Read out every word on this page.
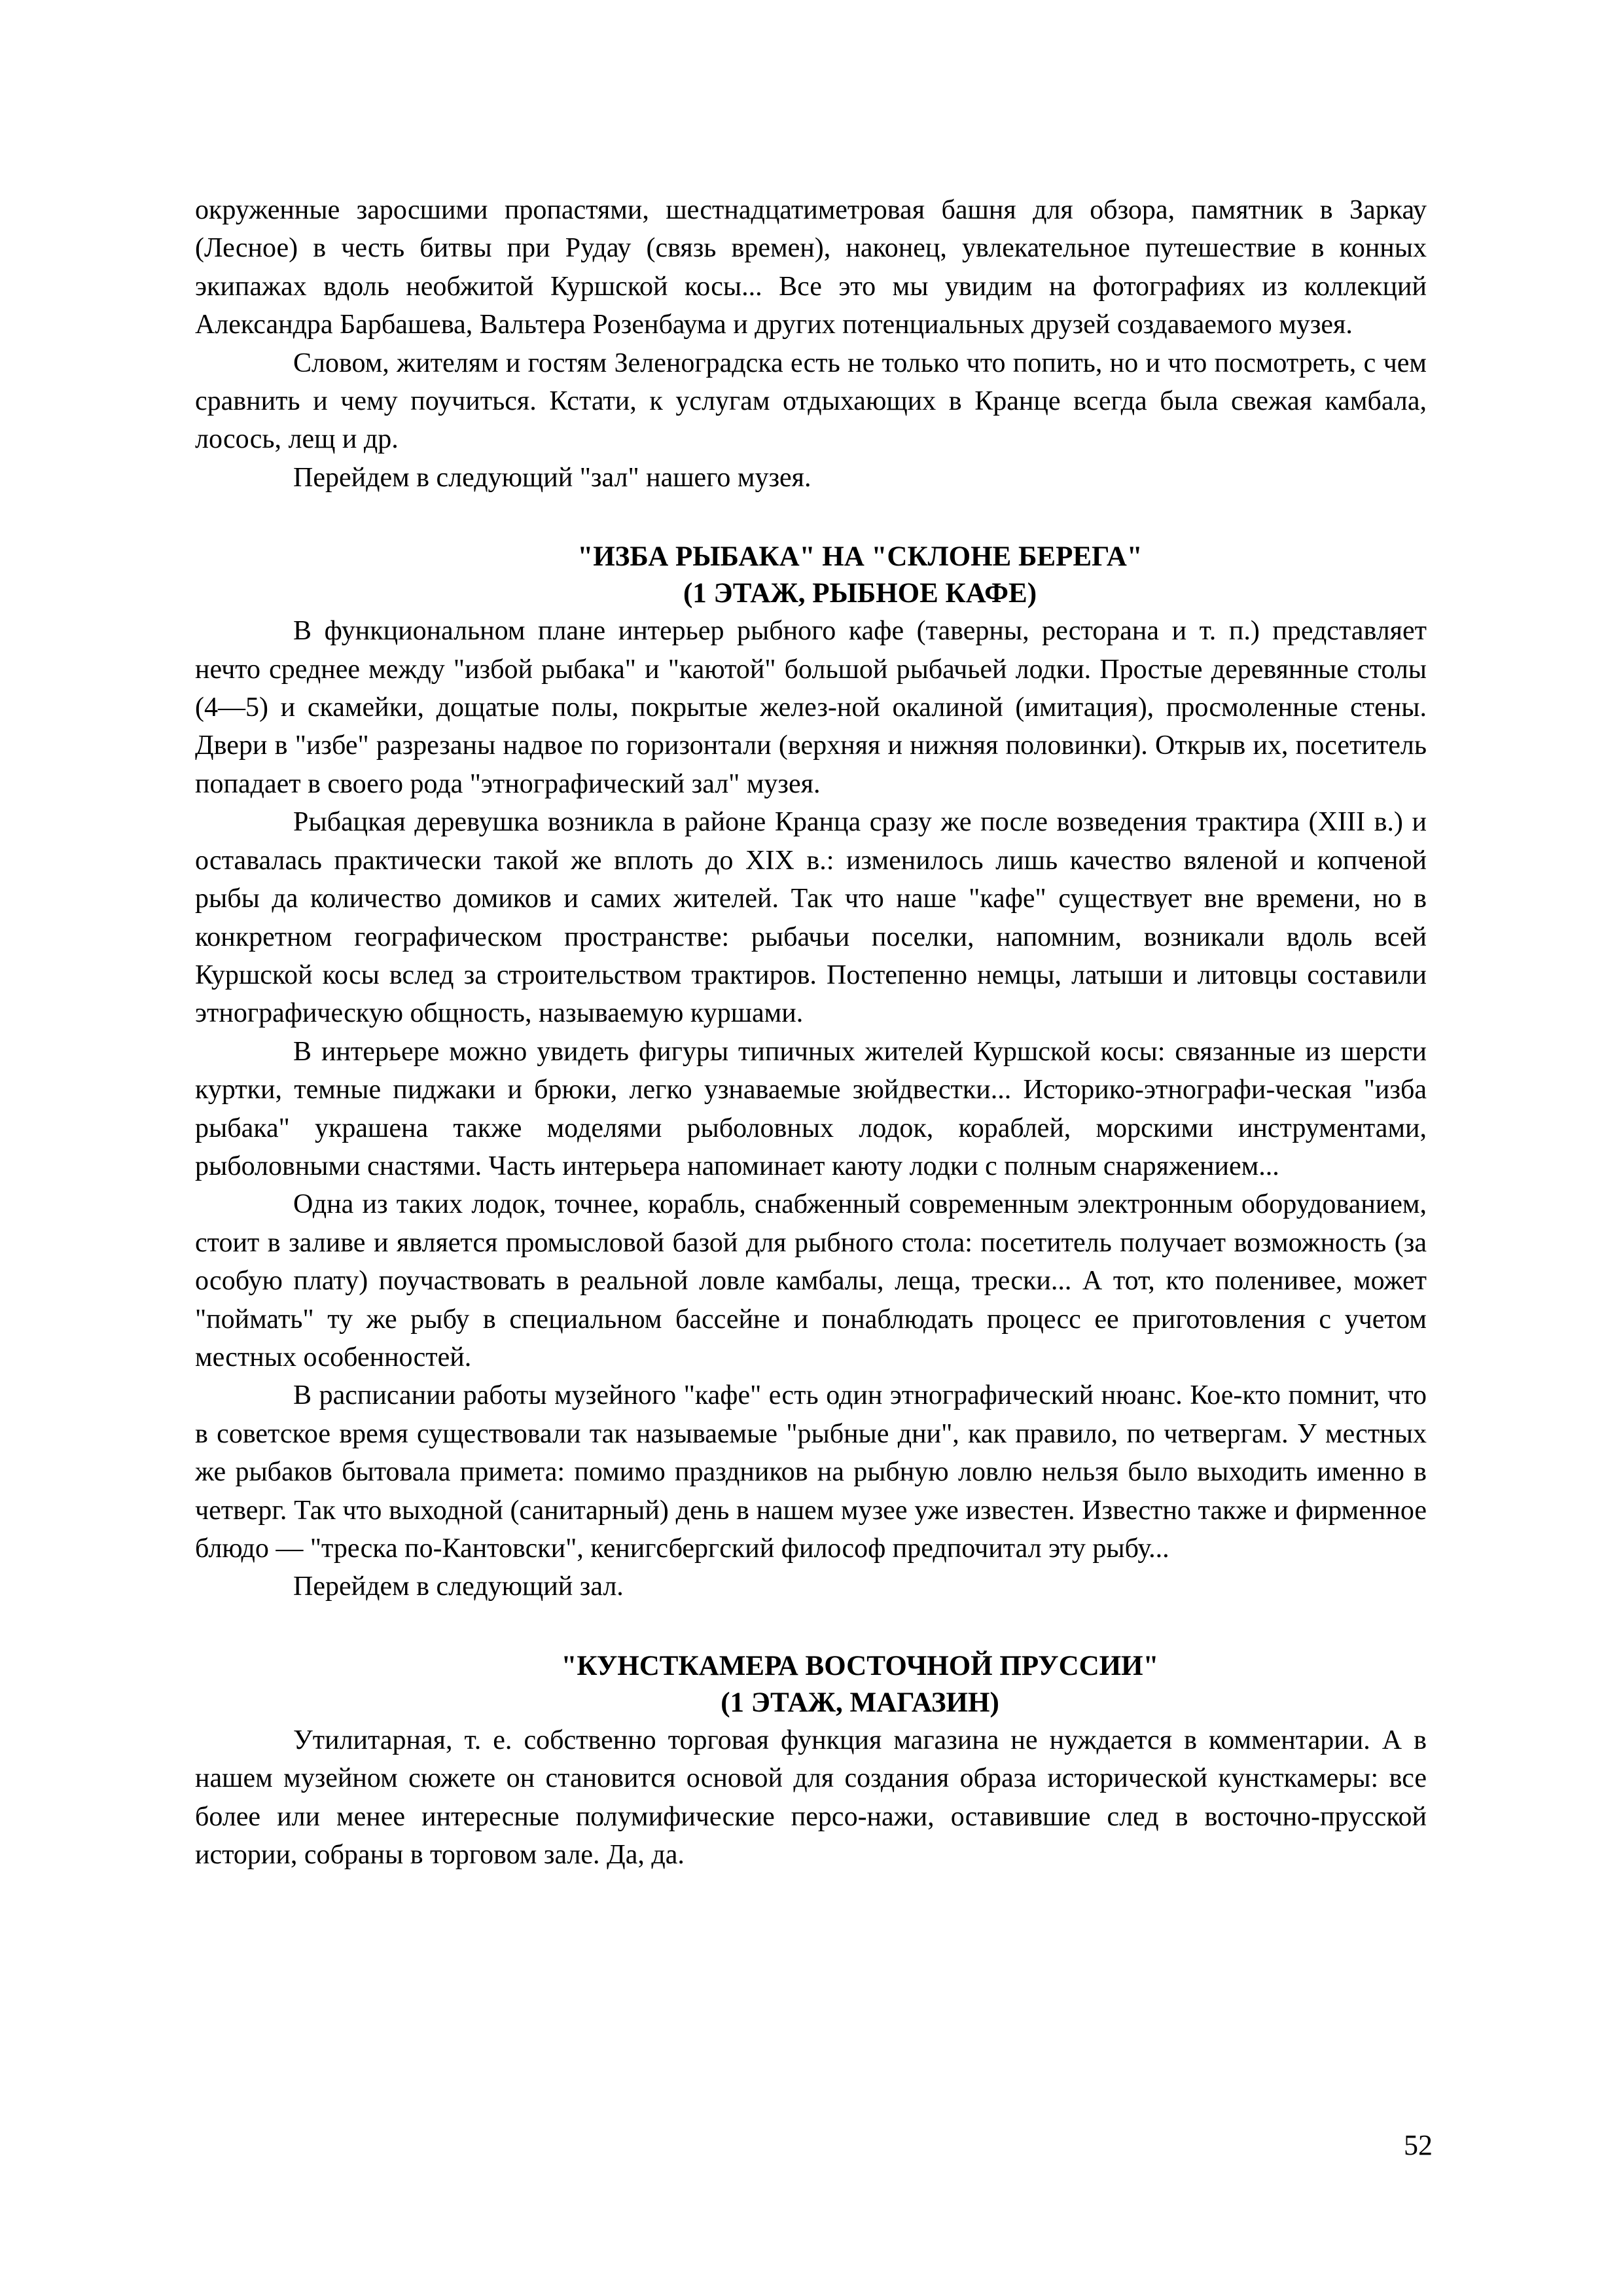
окруженные заросшими пропастями, шестнадцатиметровая башня для обзора, памятник в Заркау (Лесное) в честь битвы при Рудау (связь времен), наконец, увлекательное путешествие в конных экипажах вдоль необжитой Куршской косы... Все это мы увидим на фотографиях из коллекций Александра Барбашева, Вальтера Розенбаума и других потенциальных друзей создаваемого музея.

Словом, жителям и гостям Зеленоградска есть не только что попить, но и что посмотреть, с чем сравнить и чему поучиться. Кстати, к услугам отдыхающих в Кранце всегда была свежая камбала, лосось, лещ и др.

Перейдем в следующий "зал" нашего музея.

"ИЗБА РЫБАКА" НА "СКЛОНЕ БЕРЕГА"
(1 ЭТАЖ, РЫБНОЕ КАФЕ)

В функциональном плане интерьер рыбного кафе (таверны, ресторана и т. п.) представляет нечто среднее между "избой рыбака" и "каютой" большой рыбачьей лодки. Простые деревянные столы (4—5) и скамейки, дощатые полы, покрытые желез-ной окалиной (имитация), просмоленные стены. Двери в "избе" разрезаны надвое по горизонтали (верхняя и нижняя половинки). Открыв их, посетитель попадает в своего рода "этнографический зал" музея.

Рыбацкая деревушка возникла в районе Кранца сразу же после возведения трактира (XIII в.) и оставалась практически такой же вплоть до XIX в.: изменилось лишь качество вяленой и копченой рыбы да количество домиков и самих жителей. Так что наше "кафе" существует вне времени, но в конкретном географическом пространстве: рыбачьи поселки, напомним, возникали вдоль всей Куршской косы вслед за строительством трактиров. Постепенно немцы, латыши и литовцы составили этнографическую общность, называемую куршами.

В интерьере можно увидеть фигуры типичных жителей Куршской косы: связанные из шерсти куртки, темные пиджаки и брюки, легко узнаваемые зюйдвестки... Историко-этнографи-ческая "изба рыбака" украшена также моделями рыболовных лодок, кораблей, морскими инструментами, рыболовными снастями. Часть интерьера напоминает каюту лодки с полным снаряжением...

Одна из таких лодок, точнее, корабль, снабженный современным электронным оборудованием, стоит в заливе и является промысловой базой для рыбного стола: посетитель получает возможность (за особую плату) поучаствовать в реальной ловле камбалы, леща, трески... А тот, кто поленивее, может "поймать" ту же рыбу в специальном бассейне и понаблюдать процесс ее приготовления с учетом местных особенностей.

В расписании работы музейного "кафе" есть один этнографический нюанс. Кое-кто помнит, что в советское время существовали так называемые "рыбные дни", как правило, по четвергам. У местных же рыбаков бытовала примета: помимо праздников на рыбную ловлю нельзя было выходить именно в четверг. Так что выходной (санитарный) день в нашем музее уже известен. Известно также и фирменное блюдо — "треска по-Кантовски", кенигсбергский философ предпочитал эту рыбу...

Перейдем в следующий зал.

"КУНСТКАМЕРА ВОСТОЧНОЙ ПРУССИИ"
(1 ЭТАЖ, МАГАЗИН)

Утилитарная, т. е. собственно торговая функция магазина не нуждается в комментарии. А в нашем музейном сюжете он становится основой для создания образа исторической кунсткамеры: все более или менее интересные полумифические персо-нажи, оставившие след в восточно-прусской истории, собраны в торговом зале. Да, да.

52
